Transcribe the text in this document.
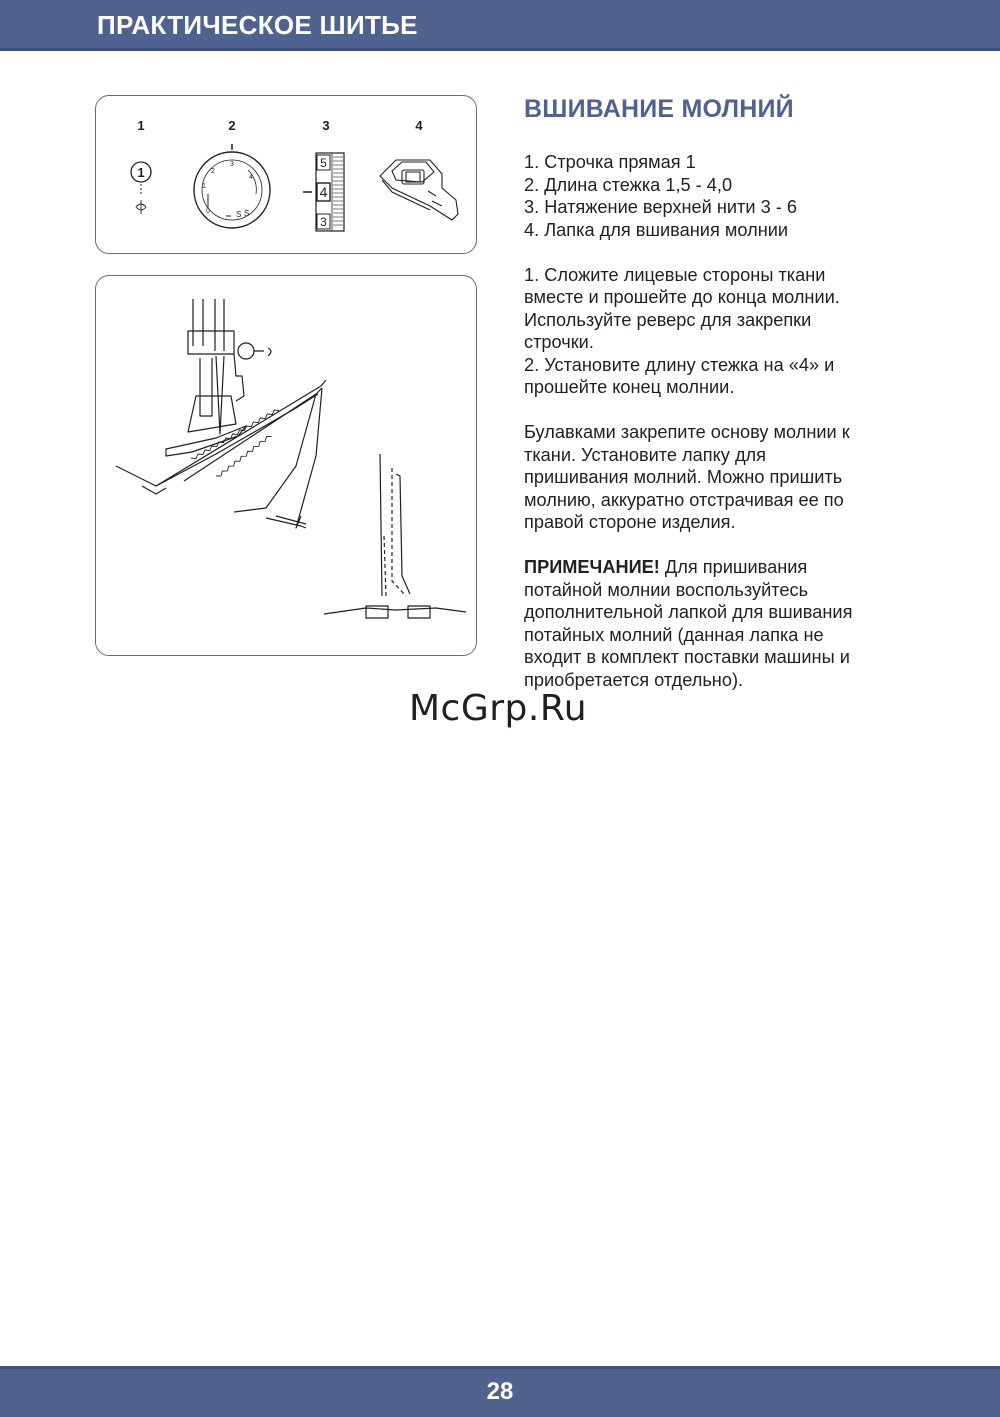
ПРАКТИЧЕСКОЕ ШИТЬЕ
1	2	3	4
1
0
1
2
3
4
S S
5
4
3
ВШИВАНИЕ МОЛНИЙ
1. Строчка прямая 1
2. Длина стежка 1,5 - 4,0
3. Натяжение верхней нити 3 - 6
4. Лапка для вшивания молнии
1. Сложите лицевые стороны ткани
вместе и прошейте до конца молнии.
Используйте реверс для закрепки
строчки.
2. Установите длину стежка на «4» и
прошейте конец молнии.
Булавками закрепите основу молнии к
ткани. Установите лапку для
пришивания молний. Можно пришить
молнию, аккуратно отстрачивая ее по
правой стороне изделия.
ПРИМЕЧАНИЕ! Для пришивания
потайной молнии воспользуйтесь
дополнительной лапкой для вшивания
потайных молний (данная лапка не
входит в комплект поставки машины и
приобретается отдельно).
McGrp.Ru
28
